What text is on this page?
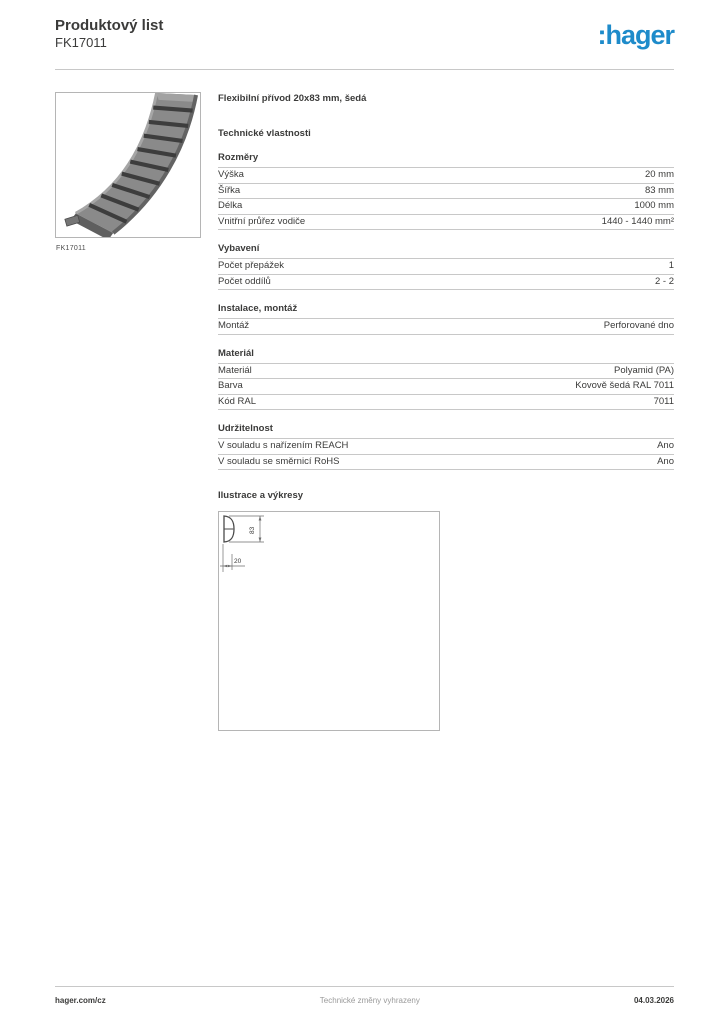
Produktový list
FK17011	:hager
FK17011
Flexibilní přívod 20x83 mm, šedá
Technické vlastnosti
Rozměry
Výška	20 mm
Šířka	83 mm
Délka	1000 mm
Vnitřní průřez vodiče	1440 - 1440 mm²
Vybavení
Počet přepážek	1
Počet oddílů	2 - 2
Instalace, montáž
Montáž	Perforované dno
Materiál
Materiál	Polyamid (PA)
Barva	Kovově šedá RAL 7011
Kód RAL	7011
Udržitelnost
V souladu s nařízením REACH	Ano
V souladu se směrnicí RoHS	Ano
Ilustrace a výkresy
83
20
hager.com/cz	Technické změny vyhrazeny	04.03.2026
